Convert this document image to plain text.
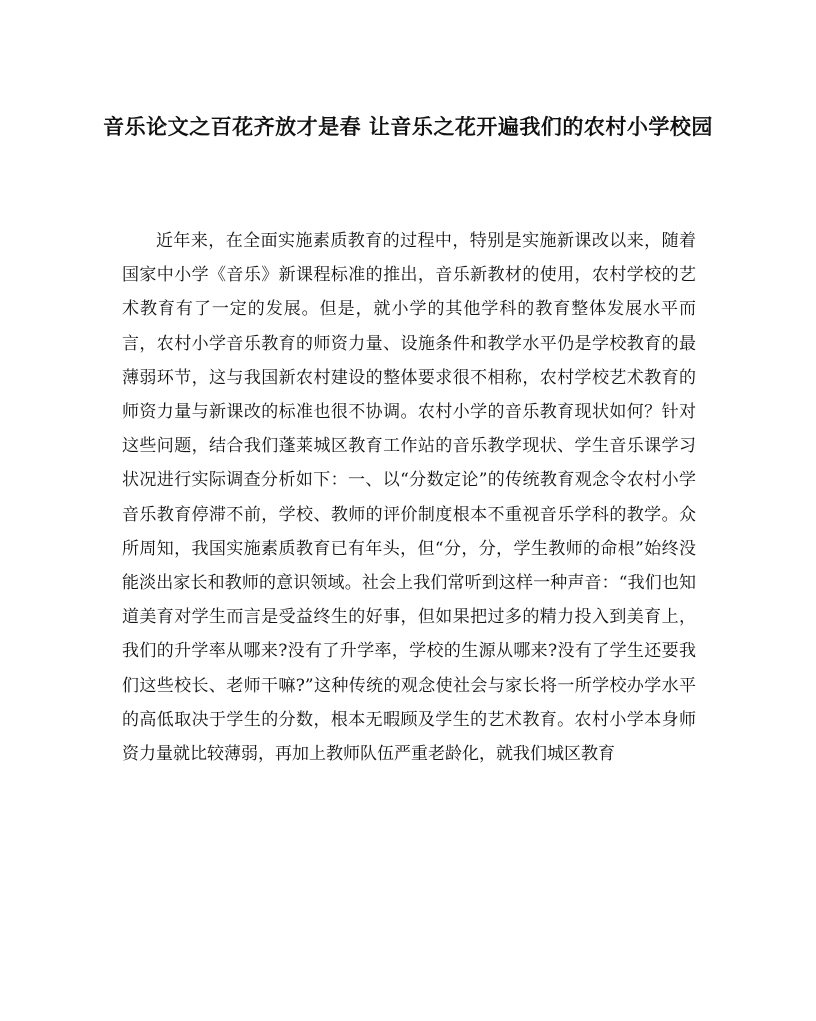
音乐论文之百花齐放才是春 让音乐之花开遍我们的农村小学校园

近年来，在全面实施素质教育的过程中，特别是实施新课改以来，随着国家中小学《音乐》新课程标准的推出，音乐新教材的使用，农村学校的艺术教育有了一定的发展。但是，就小学的其他学科的教育整体发展水平而言，农村小学音乐教育的师资力量、设施条件和教学水平仍是学校教育的最薄弱环节，这与我国新农村建设的整体要求很不相称，农村学校艺术教育的师资力量与新课改的标准也很不协调。农村小学的音乐教育现状如何？针对这些问题，结合我们蓬莱城区教育工作站的音乐教学现状、学生音乐课学习状况进行实际调查分析如下：一、以“分数定论”的传统教育观念令农村小学音乐教育停滞不前，学校、教师的评价制度根本不重视音乐学科的教学。众所周知，我国实施素质教育已有年头，但“分，分，学生教师的命根”始终没能淡出家长和教师的意识领域。社会上我们常听到这样一种声音：“我们也知道美育对学生而言是受益终生的好事，但如果把过多的精力投入到美育上，我们的升学率从哪来?没有了升学率，学校的生源从哪来?没有了学生还要我们这些校长、老师干嘛?”这种传统的观念使社会与家长将一所学校办学水平的高低取决于学生的分数，根本无暇顾及学生的艺术教育。农村小学本身师资力量就比较薄弱，再加上教师队伍严重老龄化，就我们城区教育
